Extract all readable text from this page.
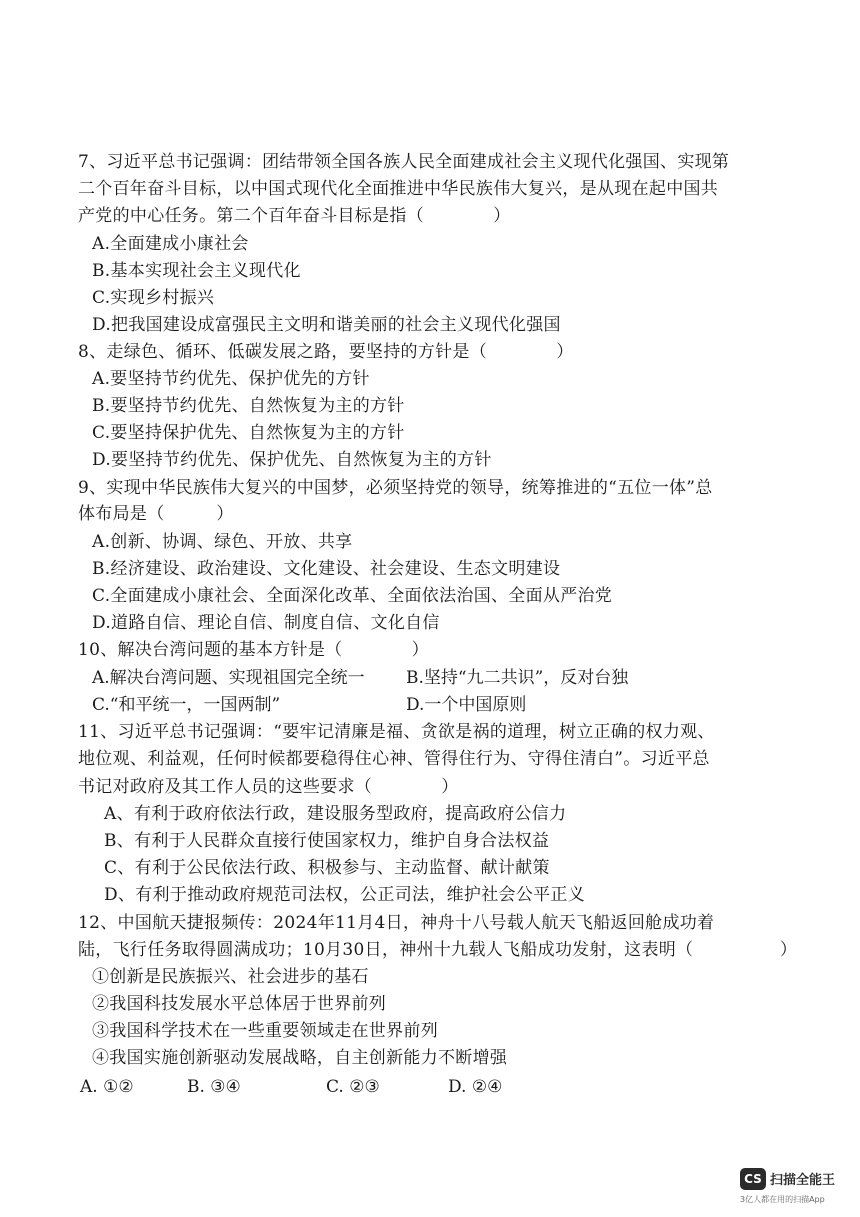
7、习近平总书记强调：团结带领全国各族人民全面建成社会主义现代化强国、实现第
二个百年奋斗目标，以中国式现代化全面推进中华民族伟大复兴，是从现在起中国共
产党的中心任务。第二个百年奋斗目标是指（　　　　）
A.全面建成小康社会
B.基本实现社会主义现代化
C.实现乡村振兴
D.把我国建设成富强民主文明和谐美丽的社会主义现代化强国
8、走绿色、循环、低碳发展之路，要坚持的方针是（　　　　）
A.要坚持节约优先、保护优先的方针
B.要坚持节约优先、自然恢复为主的方针
C.要坚持保护优先、自然恢复为主的方针
D.要坚持节约优先、保护优先、自然恢复为主的方针
9、实现中华民族伟大复兴的中国梦，必须坚持党的领导，统筹推进的“五位一体”总
体布局是（　　　）
A.创新、协调、绿色、开放、共享
B.经济建设、政治建设、文化建设、社会建设、生态文明建设
C.全面建成小康社会、全面深化改革、全面依法治国、全面从严治党
D.道路自信、理论自信、制度自信、文化自信
10、解决台湾问题的基本方针是（　　　　）
A.解决台湾问题、实现祖国完全统一 B.坚持“九二共识”，反对台独
C.“和平统一，一国两制”	D.一个中国原则
11、习近平总书记强调：“要牢记清廉是福、贪欲是祸的道理，树立正确的权力观、
地位观、利益观，任何时候都要稳得住心神、管得住行为、守得住清白”。习近平总
书记对政府及其工作人员的这些要求（　　　　）
A、有利于政府依法行政，建设服务型政府，提高政府公信力
B、有利于人民群众直接行使国家权力，维护自身合法权益
C、有利于公民依法行政、积极参与、主动监督、献计献策
D、有利于推动政府规范司法权，公正司法，维护社会公平正义
12、中国航天捷报频传：2024年11月4日，神舟十八号载人航天飞船返回舱成功着
陆，飞行任务取得圆满成功；10月30日，神州十九载人飞船成功发射，这表明（　　　　　）
①创新是民族振兴、社会进步的基石
②我国科技发展水平总体居于世界前列
③我国科学技术在一些重要领域走在世界前列
④我国实施创新驱动发展战略，自主创新能力不断增强
A. ①②	B. ③④	C. ②③	D. ②④
CS 扫描全能王
3亿人都在用的扫描App
